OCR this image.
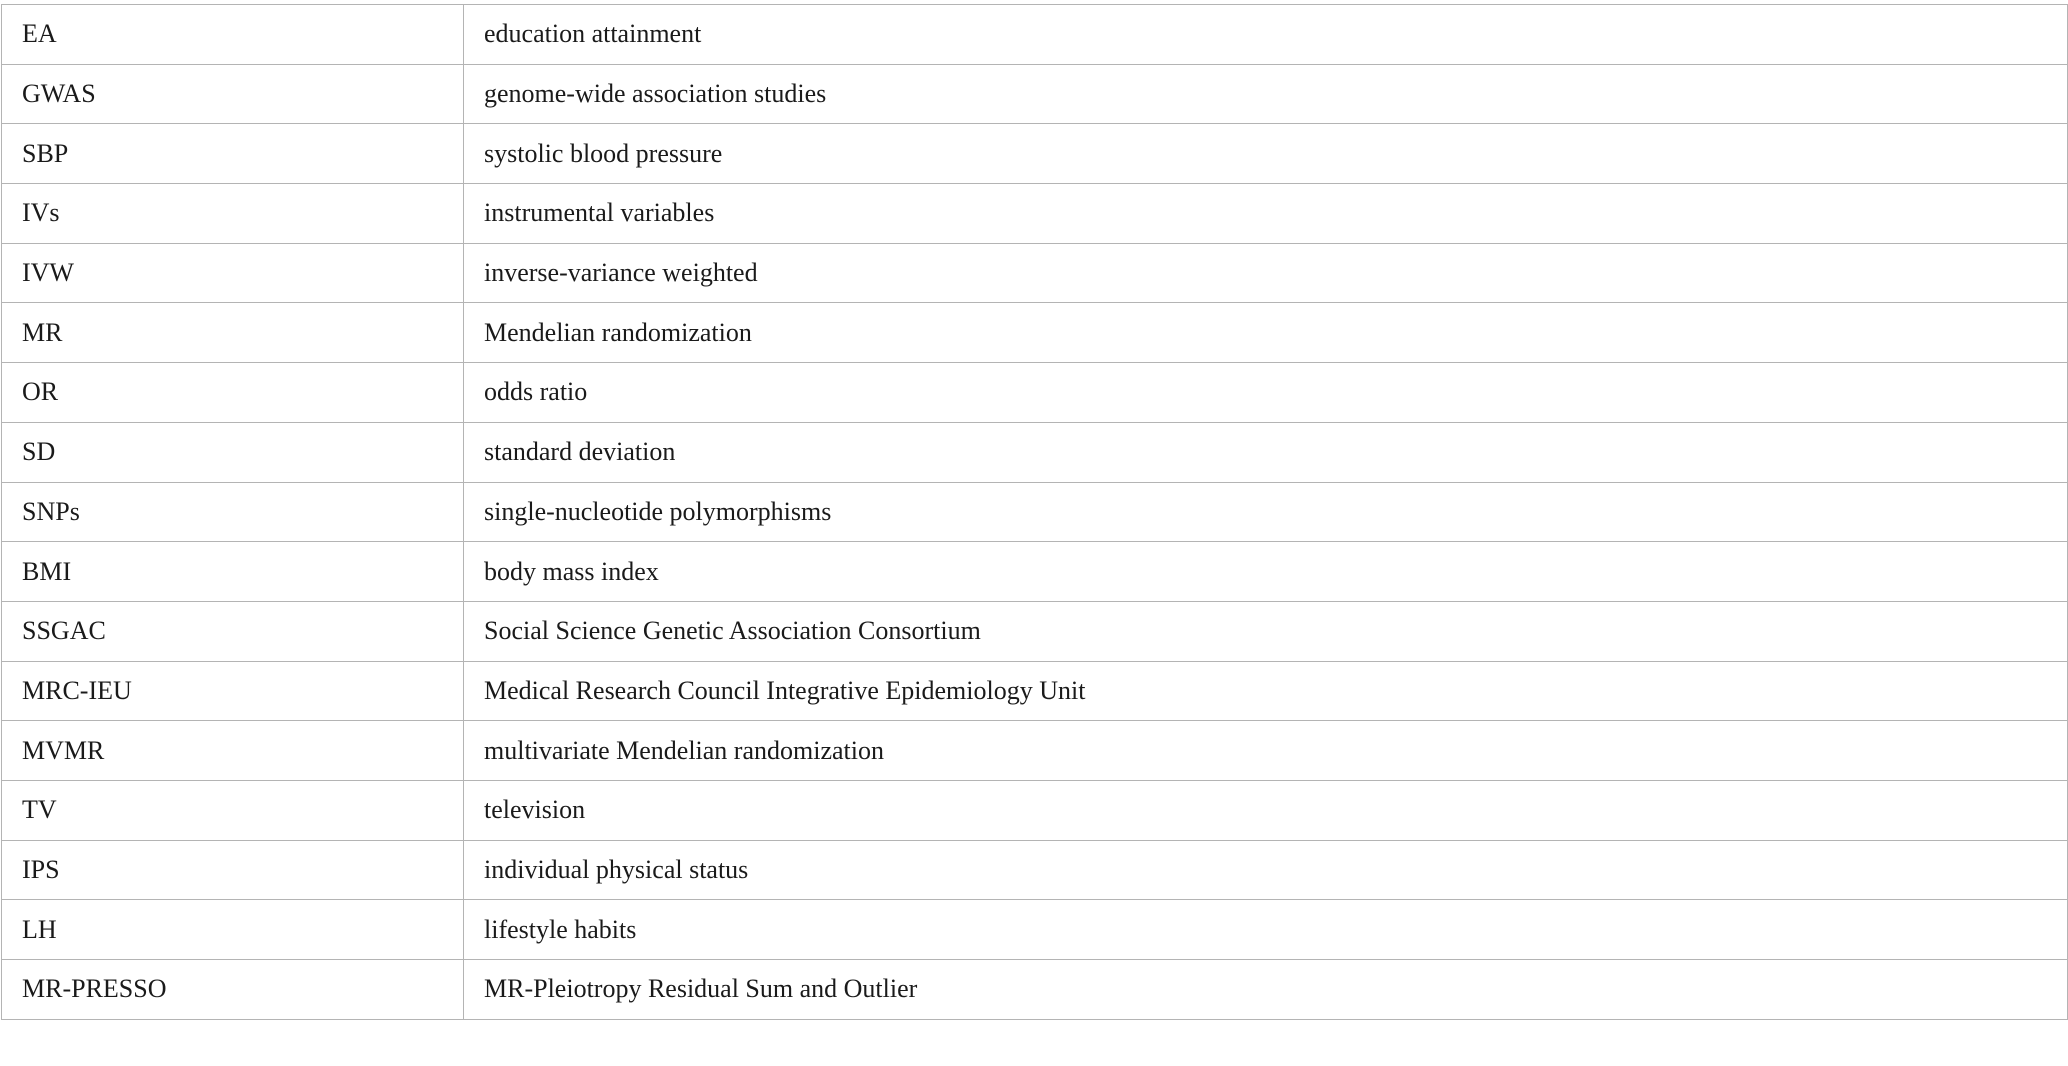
EA	education attainment
GWAS	genome-wide association studies
SBP	systolic blood pressure
IVs	instrumental variables
IVW	inverse-variance weighted
MR	Mendelian randomization
OR	odds ratio
SD	standard deviation
SNPs	single-nucleotide polymorphisms
BMI	body mass index
SSGAC	Social Science Genetic Association Consortium
MRC-IEU	Medical Research Council Integrative Epidemiology Unit
MVMR	multivariate Mendelian randomization
TV	television
IPS	individual physical status
LH	lifestyle habits
MR-PRESSO	MR-Pleiotropy Residual Sum and Outlier
